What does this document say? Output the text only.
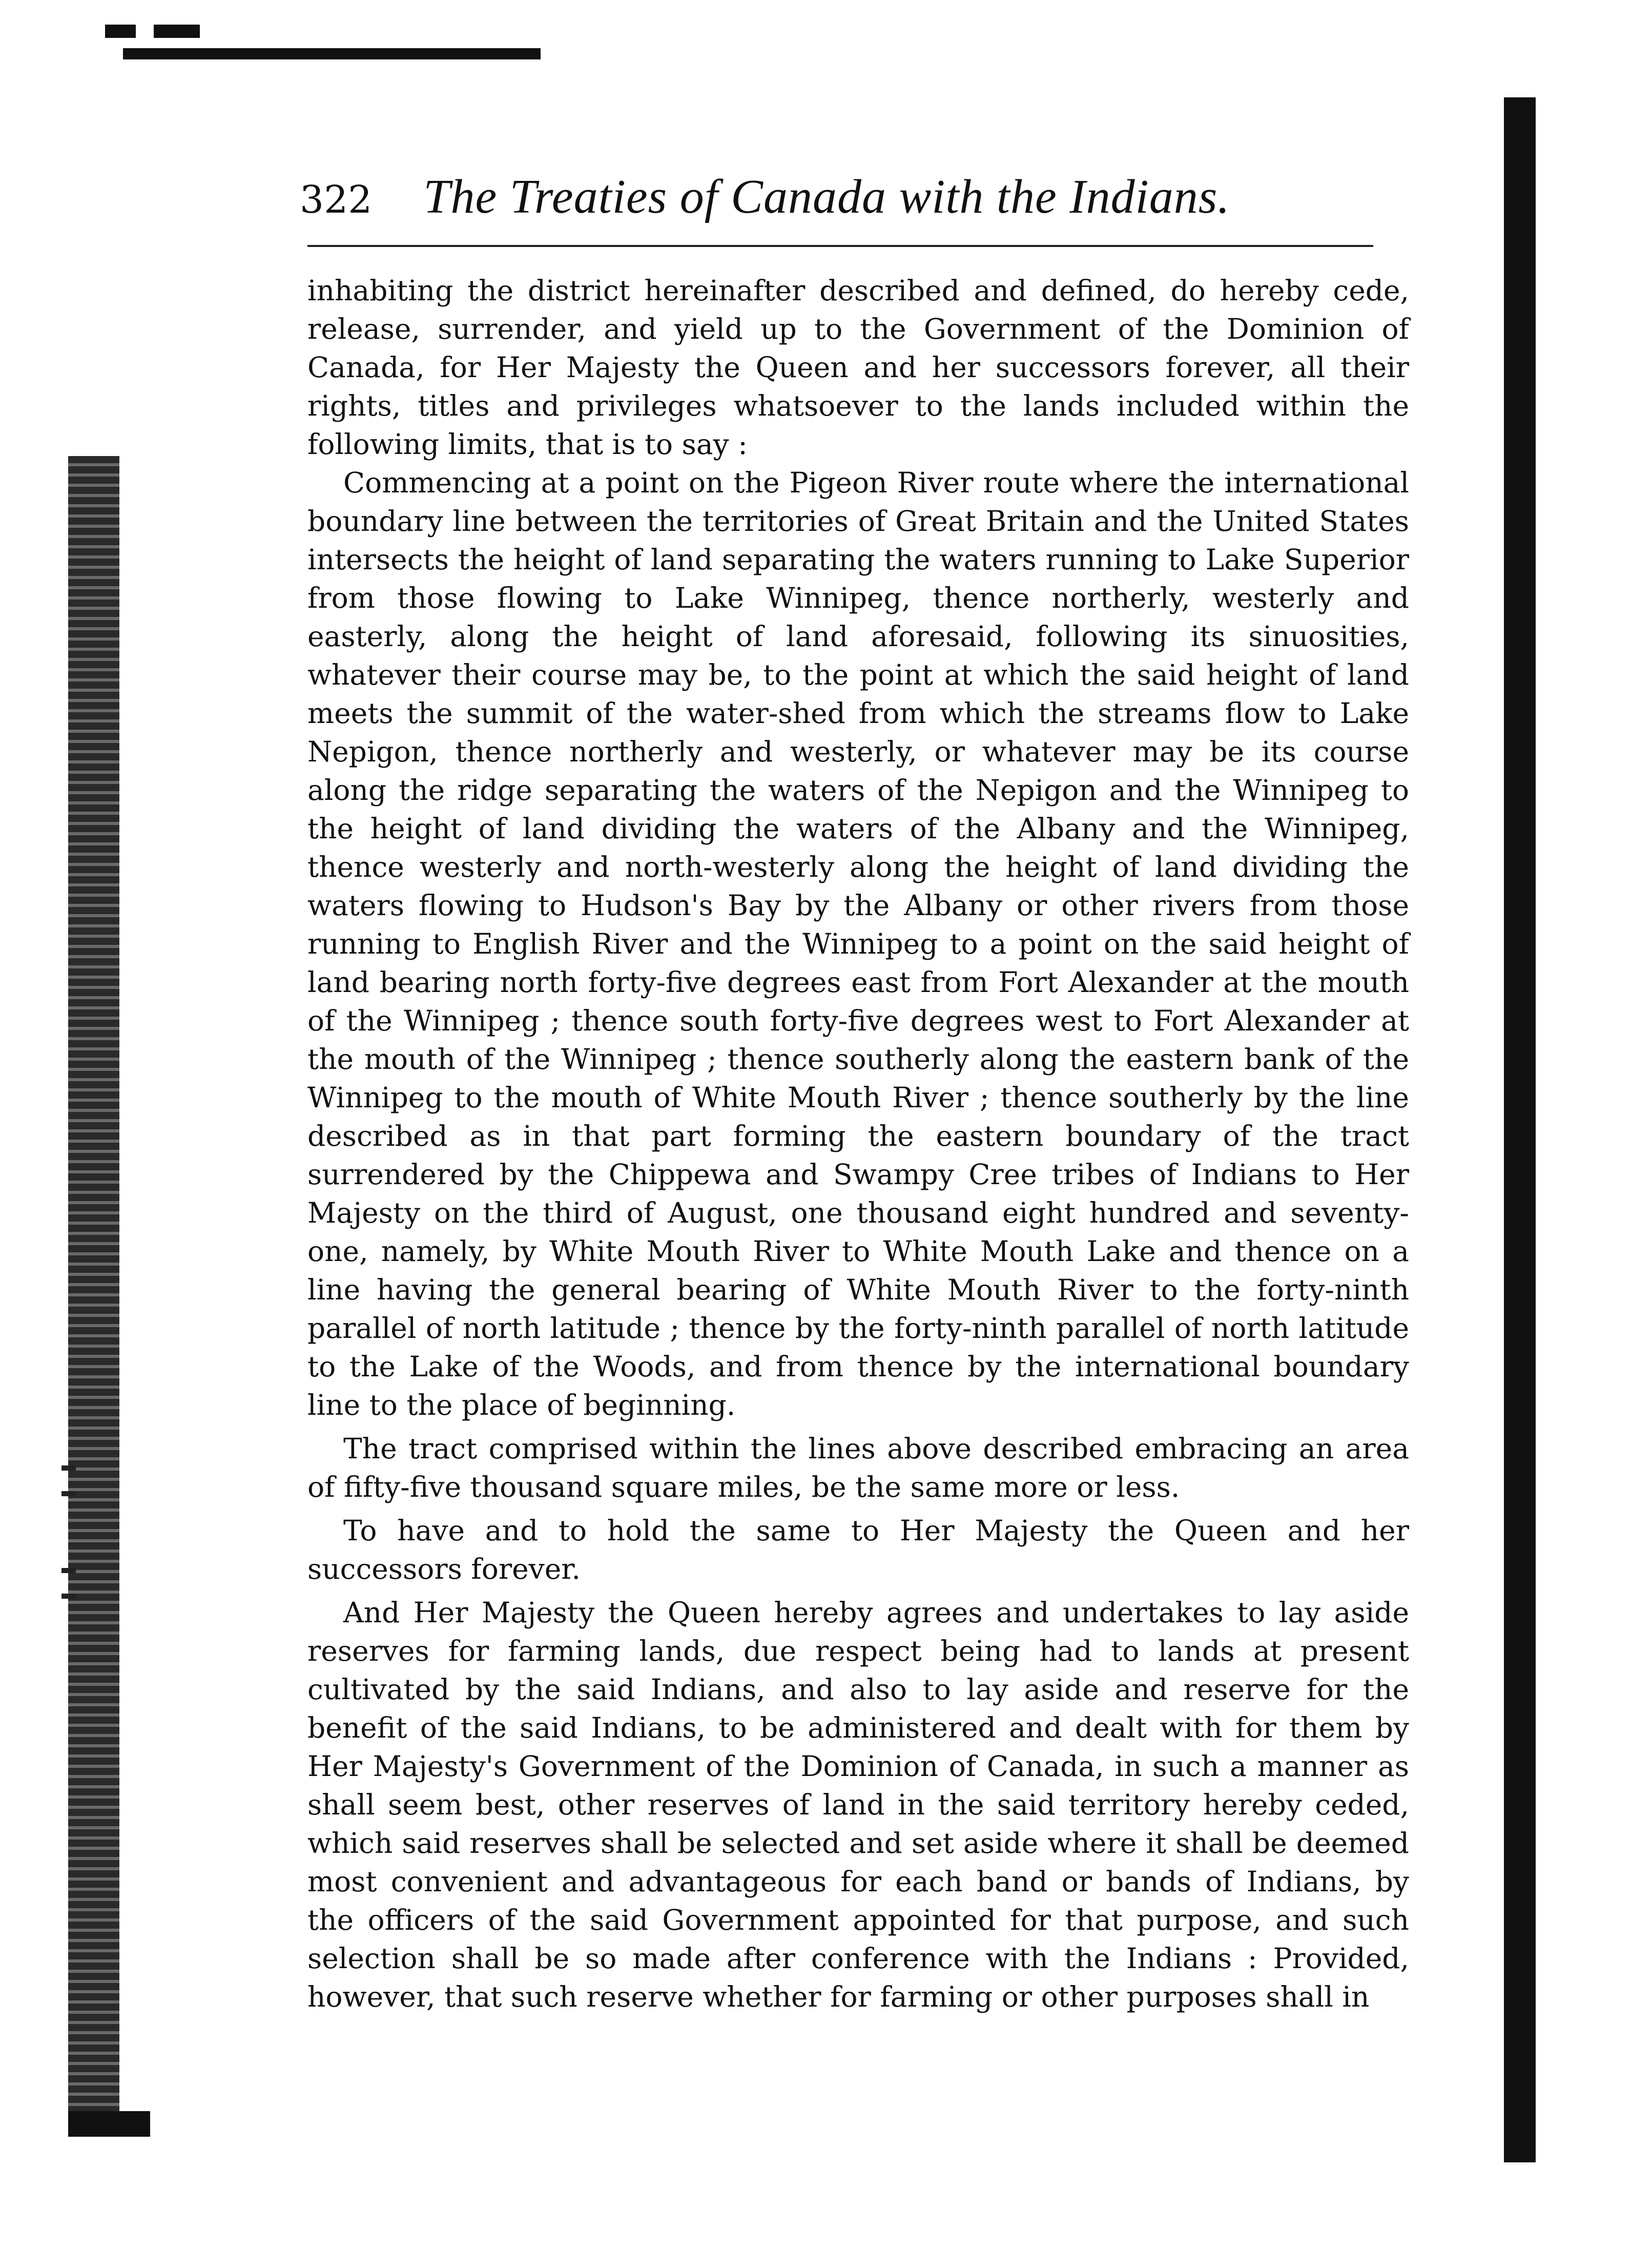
322 The Treaties of Canada with the Indians.

inhabiting the district hereinafter described and defined, do hereby cede, release, surrender, and yield up to the Government of the Dominion of Canada, for Her Majesty the Queen and her successors forever, all their rights, titles and privileges whatsoever to the lands included within the following limits, that is to say :

Commencing at a point on the Pigeon River route where the international boundary line between the territories of Great Britain and the United States intersects the height of land separating the waters running to Lake Superior from those flowing to Lake Winnipeg, thence northerly, westerly and easterly, along the height of land aforesaid, following its sinuosities, whatever their course may be, to the point at which the said height of land meets the summit of the water-shed from which the streams flow to Lake Nepigon, thence northerly and westerly, or whatever may be its course along the ridge separating the waters of the Nepigon and the Winnipeg to the height of land dividing the waters of the Albany and the Winnipeg, thence westerly and north-westerly along the height of land dividing the waters flowing to Hudson's Bay by the Albany or other rivers from those running to English River and the Winnipeg to a point on the said height of land bearing north forty-five degrees east from Fort Alexander at the mouth of the Winnipeg ; thence south forty-five degrees west to Fort Alexander at the mouth of the Winnipeg ; thence southerly along the eastern bank of the Winnipeg to the mouth of White Mouth River ; thence southerly by the line described as in that part forming the eastern boundary of the tract surrendered by the Chippewa and Swampy Cree tribes of Indians to Her Majesty on the third of August, one thousand eight hundred and seventy-one, namely, by White Mouth River to White Mouth Lake and thence on a line having the general bearing of White Mouth River to the forty-ninth parallel of north latitude ; thence by the forty-ninth parallel of north latitude to the Lake of the Woods, and from thence by the international boundary line to the place of beginning.

The tract comprised within the lines above described embracing an area of fifty-five thousand square miles, be the same more or less.

To have and to hold the same to Her Majesty the Queen and her successors forever.

And Her Majesty the Queen hereby agrees and undertakes to lay aside reserves for farming lands, due respect being had to lands at present cultivated by the said Indians, and also to lay aside and reserve for the benefit of the said Indians, to be administered and dealt with for them by Her Majesty's Government of the Dominion of Canada, in such a manner as shall seem best, other reserves of land in the said territory hereby ceded, which said reserves shall be selected and set aside where it shall be deemed most convenient and advantageous for each band or bands of Indians, by the officers of the said Government appointed for that purpose, and such selection shall be so made after conference with the Indians : Provided, however, that such reserve whether for farming or other purposes shall in
